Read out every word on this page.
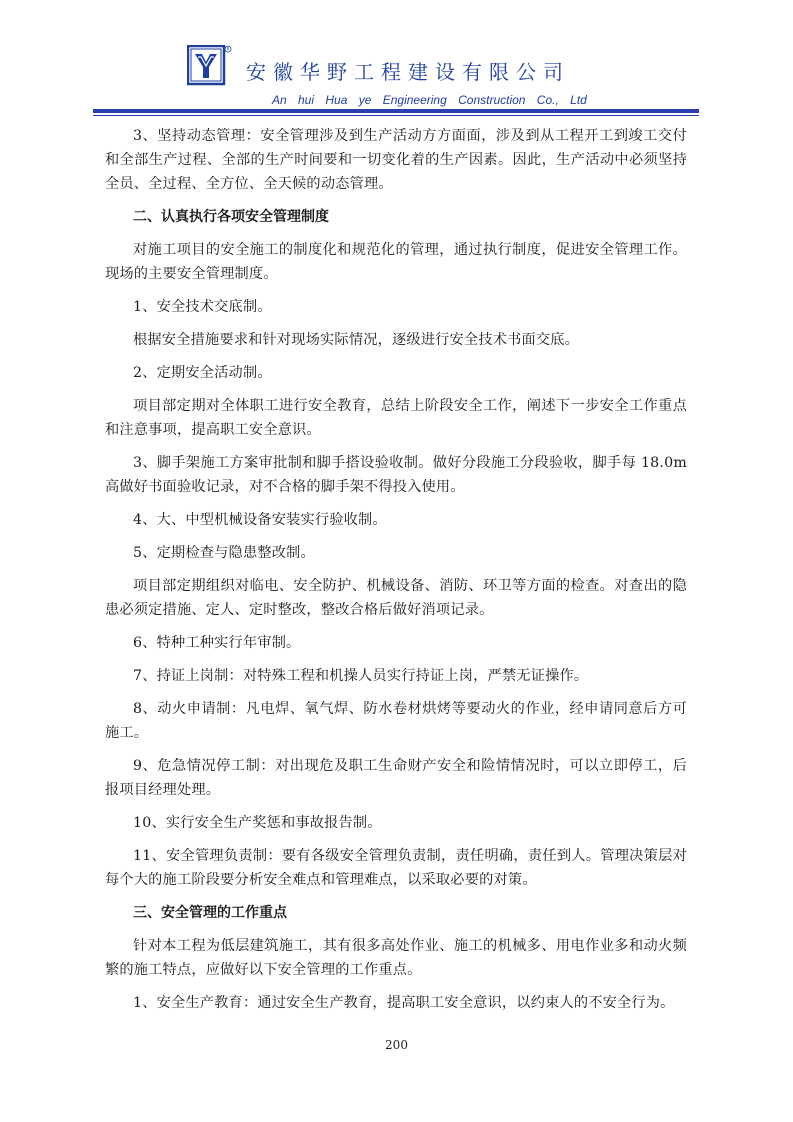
R
安徽华野工程建设有限公司
An hui Hua ye Engineering Construction Co., Ltd

3、坚持动态管理：安全管理涉及到生产活动方方面面，涉及到从工程开工到竣工交付和全部生产过程、全部的生产时间要和一切变化着的生产因素。因此，生产活动中必须坚持全员、全过程、全方位、全天候的动态管理。

二、认真执行各项安全管理制度

对施工项目的安全施工的制度化和规范化的管理，通过执行制度，促进安全管理工作。现场的主要安全管理制度。

1、安全技术交底制。

根据安全措施要求和针对现场实际情况，逐级进行安全技术书面交底。

2、定期安全活动制。

项目部定期对全体职工进行安全教育，总结上阶段安全工作，阐述下一步安全工作重点和注意事项，提高职工安全意识。

3、脚手架施工方案审批制和脚手搭设验收制。做好分段施工分段验收，脚手每 18.0m 高做好书面验收记录，对不合格的脚手架不得投入使用。

4、大、中型机械设备安装实行验收制。

5、定期检查与隐患整改制。

项目部定期组织对临电、安全防护、机械设备、消防、环卫等方面的检查。对查出的隐患必须定措施、定人、定时整改，整改合格后做好消项记录。

6、特种工种实行年审制。

7、持证上岗制：对特殊工程和机操人员实行持证上岗，严禁无证操作。

8、动火申请制：凡电焊、氧气焊、防水卷材烘烤等要动火的作业，经申请同意后方可施工。

9、危急情况停工制：对出现危及职工生命财产安全和险情情况时，可以立即停工，后报项目经理处理。

10、实行安全生产奖惩和事故报告制。

11、安全管理负责制：要有各级安全管理负责制，责任明确，责任到人。管理决策层对每个大的施工阶段要分析安全难点和管理难点，以采取必要的对策。

三、安全管理的工作重点

针对本工程为低层建筑施工，其有很多高处作业、施工的机械多、用电作业多和动火频繁的施工特点，应做好以下安全管理的工作重点。

1、安全生产教育：通过安全生产教育，提高职工安全意识，以约束人的不安全行为。

200
